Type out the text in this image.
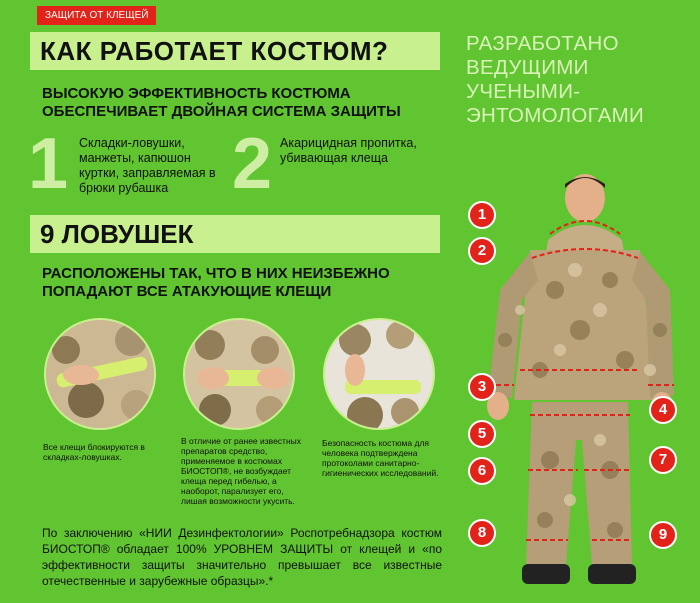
ЗАЩИТА ОТ КЛЕЩЕЙ
КАК РАБОТАЕТ КОСТЮМ?
ВЫСОКУЮ ЭФФЕКТИВНОСТЬ КОСТЮМА ОБЕСПЕЧИВАЕТ ДВОЙНАЯ СИСТЕМА ЗАЩИТЫ
1 Складки-ловушки, манжеты, капюшон куртки, заправляемая в брюки рубашка 2 Акарицидная пропитка, убивающая клеща
9 ЛОВУШЕК
РАСПОЛОЖЕНЫ ТАК, ЧТО В НИХ НЕИЗБЕЖНО ПОПАДАЮТ ВСЕ АТАКУЮЩИЕ КЛЕЩИ
Все клещи блокируются в складках-ловушках.
В отличие от ранее известных препаратов средство, применяемое в костюмах БИОСТОП®, не возбуждает клеща перед гибелью, а наоборот, парализует его, лишая возможности укусить.
Безопасность костюма для человека подтверждена протоколами санитарно-гигиенических исследований.
По заключению «НИИ Дезинфектологии» Роспотребнадзора костюм БИОСТОП® обладает 100% УРОВНЕМ ЗАЩИТЫ от клещей и «по эффективности защиты значительно превышает все известные отечественные и зарубежные образцы».*
РАЗРАБОТАНО ВЕДУЩИМИ УЧЕНЫМИ-ЭНТОМОЛОГАМИ
1
2
3
4
5
6
7
8	9
